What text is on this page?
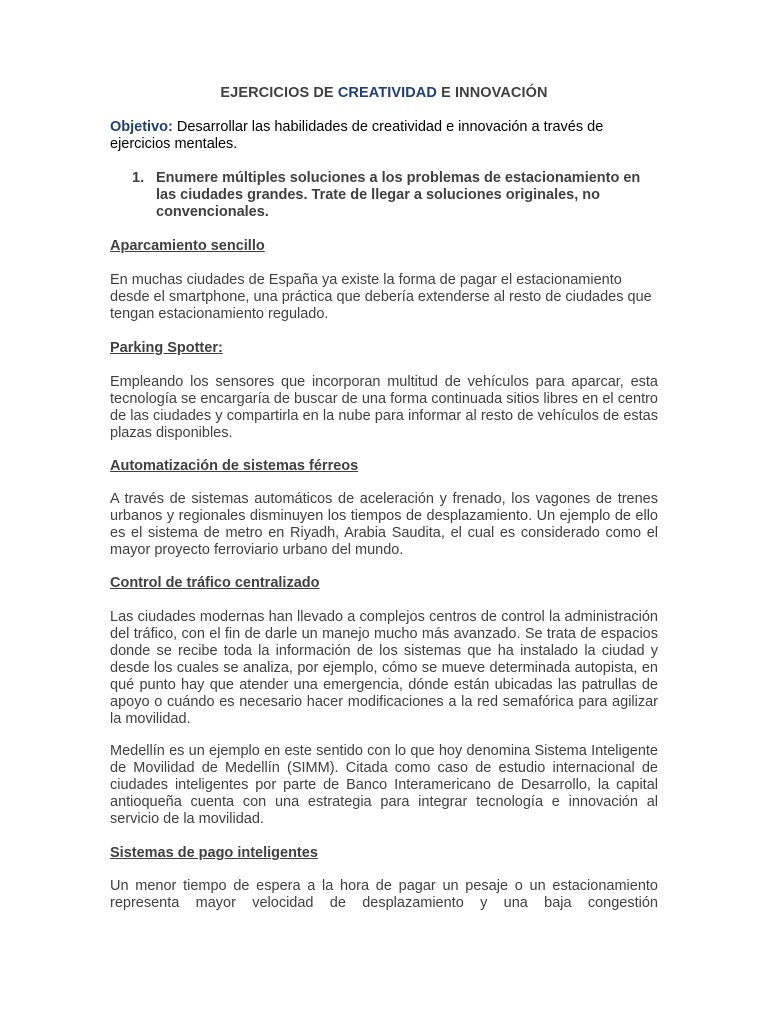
EJERCICIOS DE CREATIVIDAD E INNOVACIÓN
Objetivo: Desarrollar las habilidades de creatividad e innovación a través de ejercicios mentales.
1. Enumere múltiples soluciones a los problemas de estacionamiento en las ciudades grandes. Trate de llegar a soluciones originales, no convencionales.
Aparcamiento sencillo
En muchas ciudades de España ya existe la forma de pagar el estacionamiento desde el smartphone, una práctica que debería extenderse al resto de ciudades que tengan estacionamiento regulado.
Parking Spotter:
Empleando los sensores que incorporan multitud de vehículos para aparcar, esta tecnología se encargaría de buscar de una forma continuada sitios libres en el centro de las ciudades y compartirla en la nube para informar al resto de vehículos de estas plazas disponibles.
Automatización de sistemas férreos
A través de sistemas automáticos de aceleración y frenado, los vagones de trenes urbanos y regionales disminuyen los tiempos de desplazamiento. Un ejemplo de ello es el sistema de metro en Riyadh, Arabia Saudita, el cual es considerado como el mayor proyecto ferroviario urbano del mundo.
Control de tráfico centralizado
Las ciudades modernas han llevado a complejos centros de control la administración del tráfico, con el fin de darle un manejo mucho más avanzado. Se trata de espacios donde se recibe toda la información de los sistemas que ha instalado la ciudad y desde los cuales se analiza, por ejemplo, cómo se mueve determinada autopista, en qué punto hay que atender una emergencia, dónde están ubicadas las patrullas de apoyo o cuándo es necesario hacer modificaciones a la red semafórica para agilizar la movilidad.
Medellín es un ejemplo en este sentido con lo que hoy denomina Sistema Inteligente de Movilidad de Medellín (SIMM). Citada como caso de estudio internacional de ciudades inteligentes por parte de Banco Interamericano de Desarrollo, la capital antioqueña cuenta con una estrategia para integrar tecnología e innovación al servicio de la movilidad.
Sistemas de pago inteligentes
Un menor tiempo de espera a la hora de pagar un pesaje o un estacionamiento representa mayor velocidad de desplazamiento y una baja congestión
